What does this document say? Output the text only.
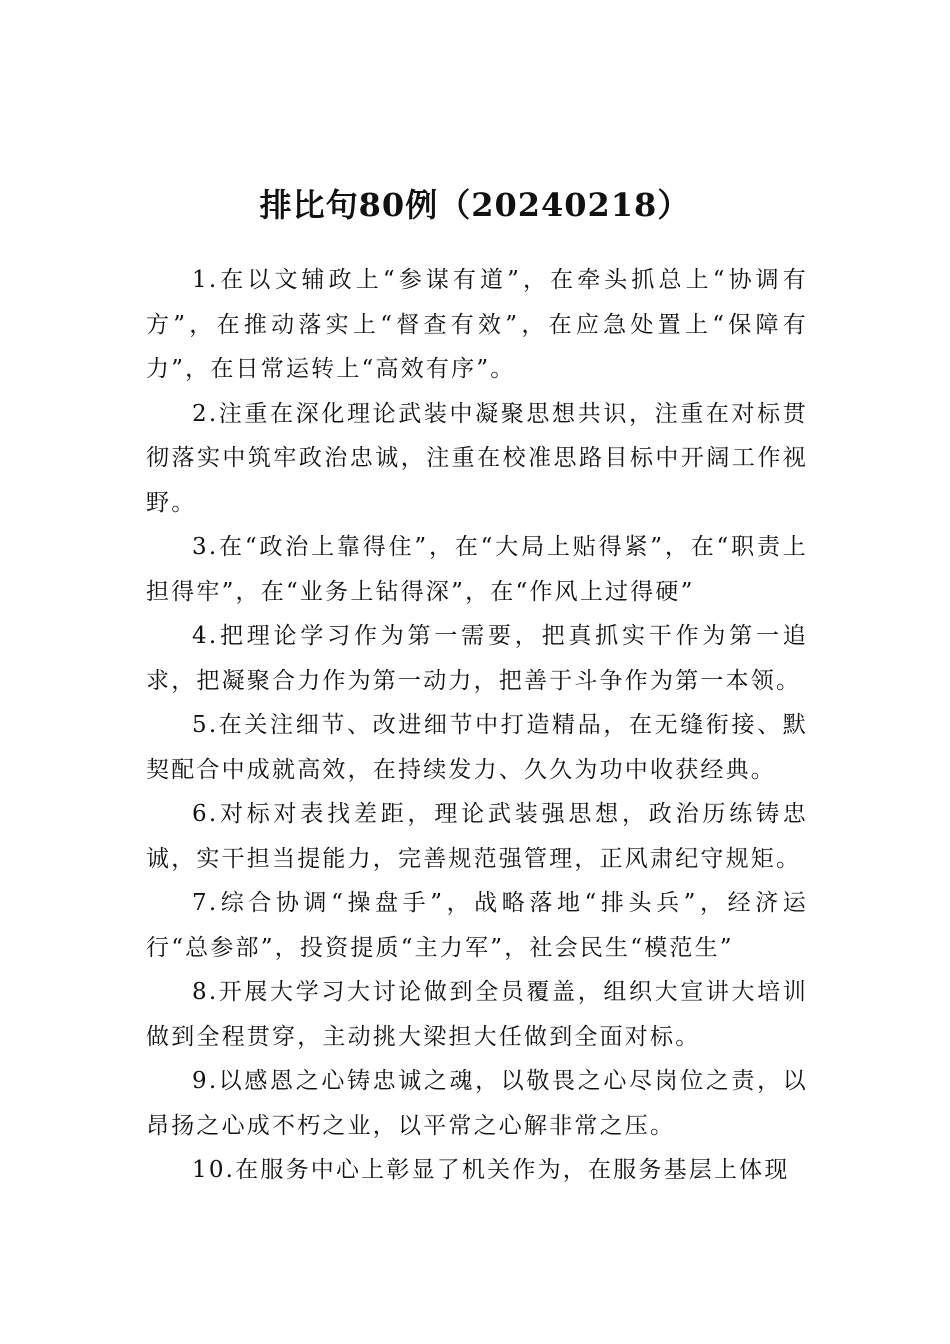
排比句80例（20240218）

1.在以文辅政上“参谋有道”，在牵头抓总上“协调有方”，在推动落实上“督查有效”，在应急处置上“保障有力”，在日常运转上“高效有序”。

2.注重在深化理论武装中凝聚思想共识，注重在对标贯彻落实中筑牢政治忠诚，注重在校准思路目标中开阔工作视野。

3.在“政治上靠得住”，在“大局上贴得紧”，在“职责上担得牢”，在“业务上钻得深”，在“作风上过得硬”

4.把理论学习作为第一需要，把真抓实干作为第一追求，把凝聚合力作为第一动力，把善于斗争作为第一本领。

5.在关注细节、改进细节中打造精品，在无缝衔接、默契配合中成就高效，在持续发力、久久为功中收获经典。

6.对标对表找差距，理论武装强思想，政治历练铸忠诚，实干担当提能力，完善规范强管理，正风肃纪守规矩。

7.综合协调“操盘手”，战略落地“排头兵”，经济运行“总参部”，投资提质“主力军”，社会民生“模范生”

8.开展大学习大讨论做到全员覆盖，组织大宣讲大培训做到全程贯穿，主动挑大梁担大任做到全面对标。

9.以感恩之心铸忠诚之魂，以敬畏之心尽岗位之责，以昂扬之心成不朽之业，以平常之心解非常之压。

10.在服务中心上彰显了机关作为，在服务基层上体现
